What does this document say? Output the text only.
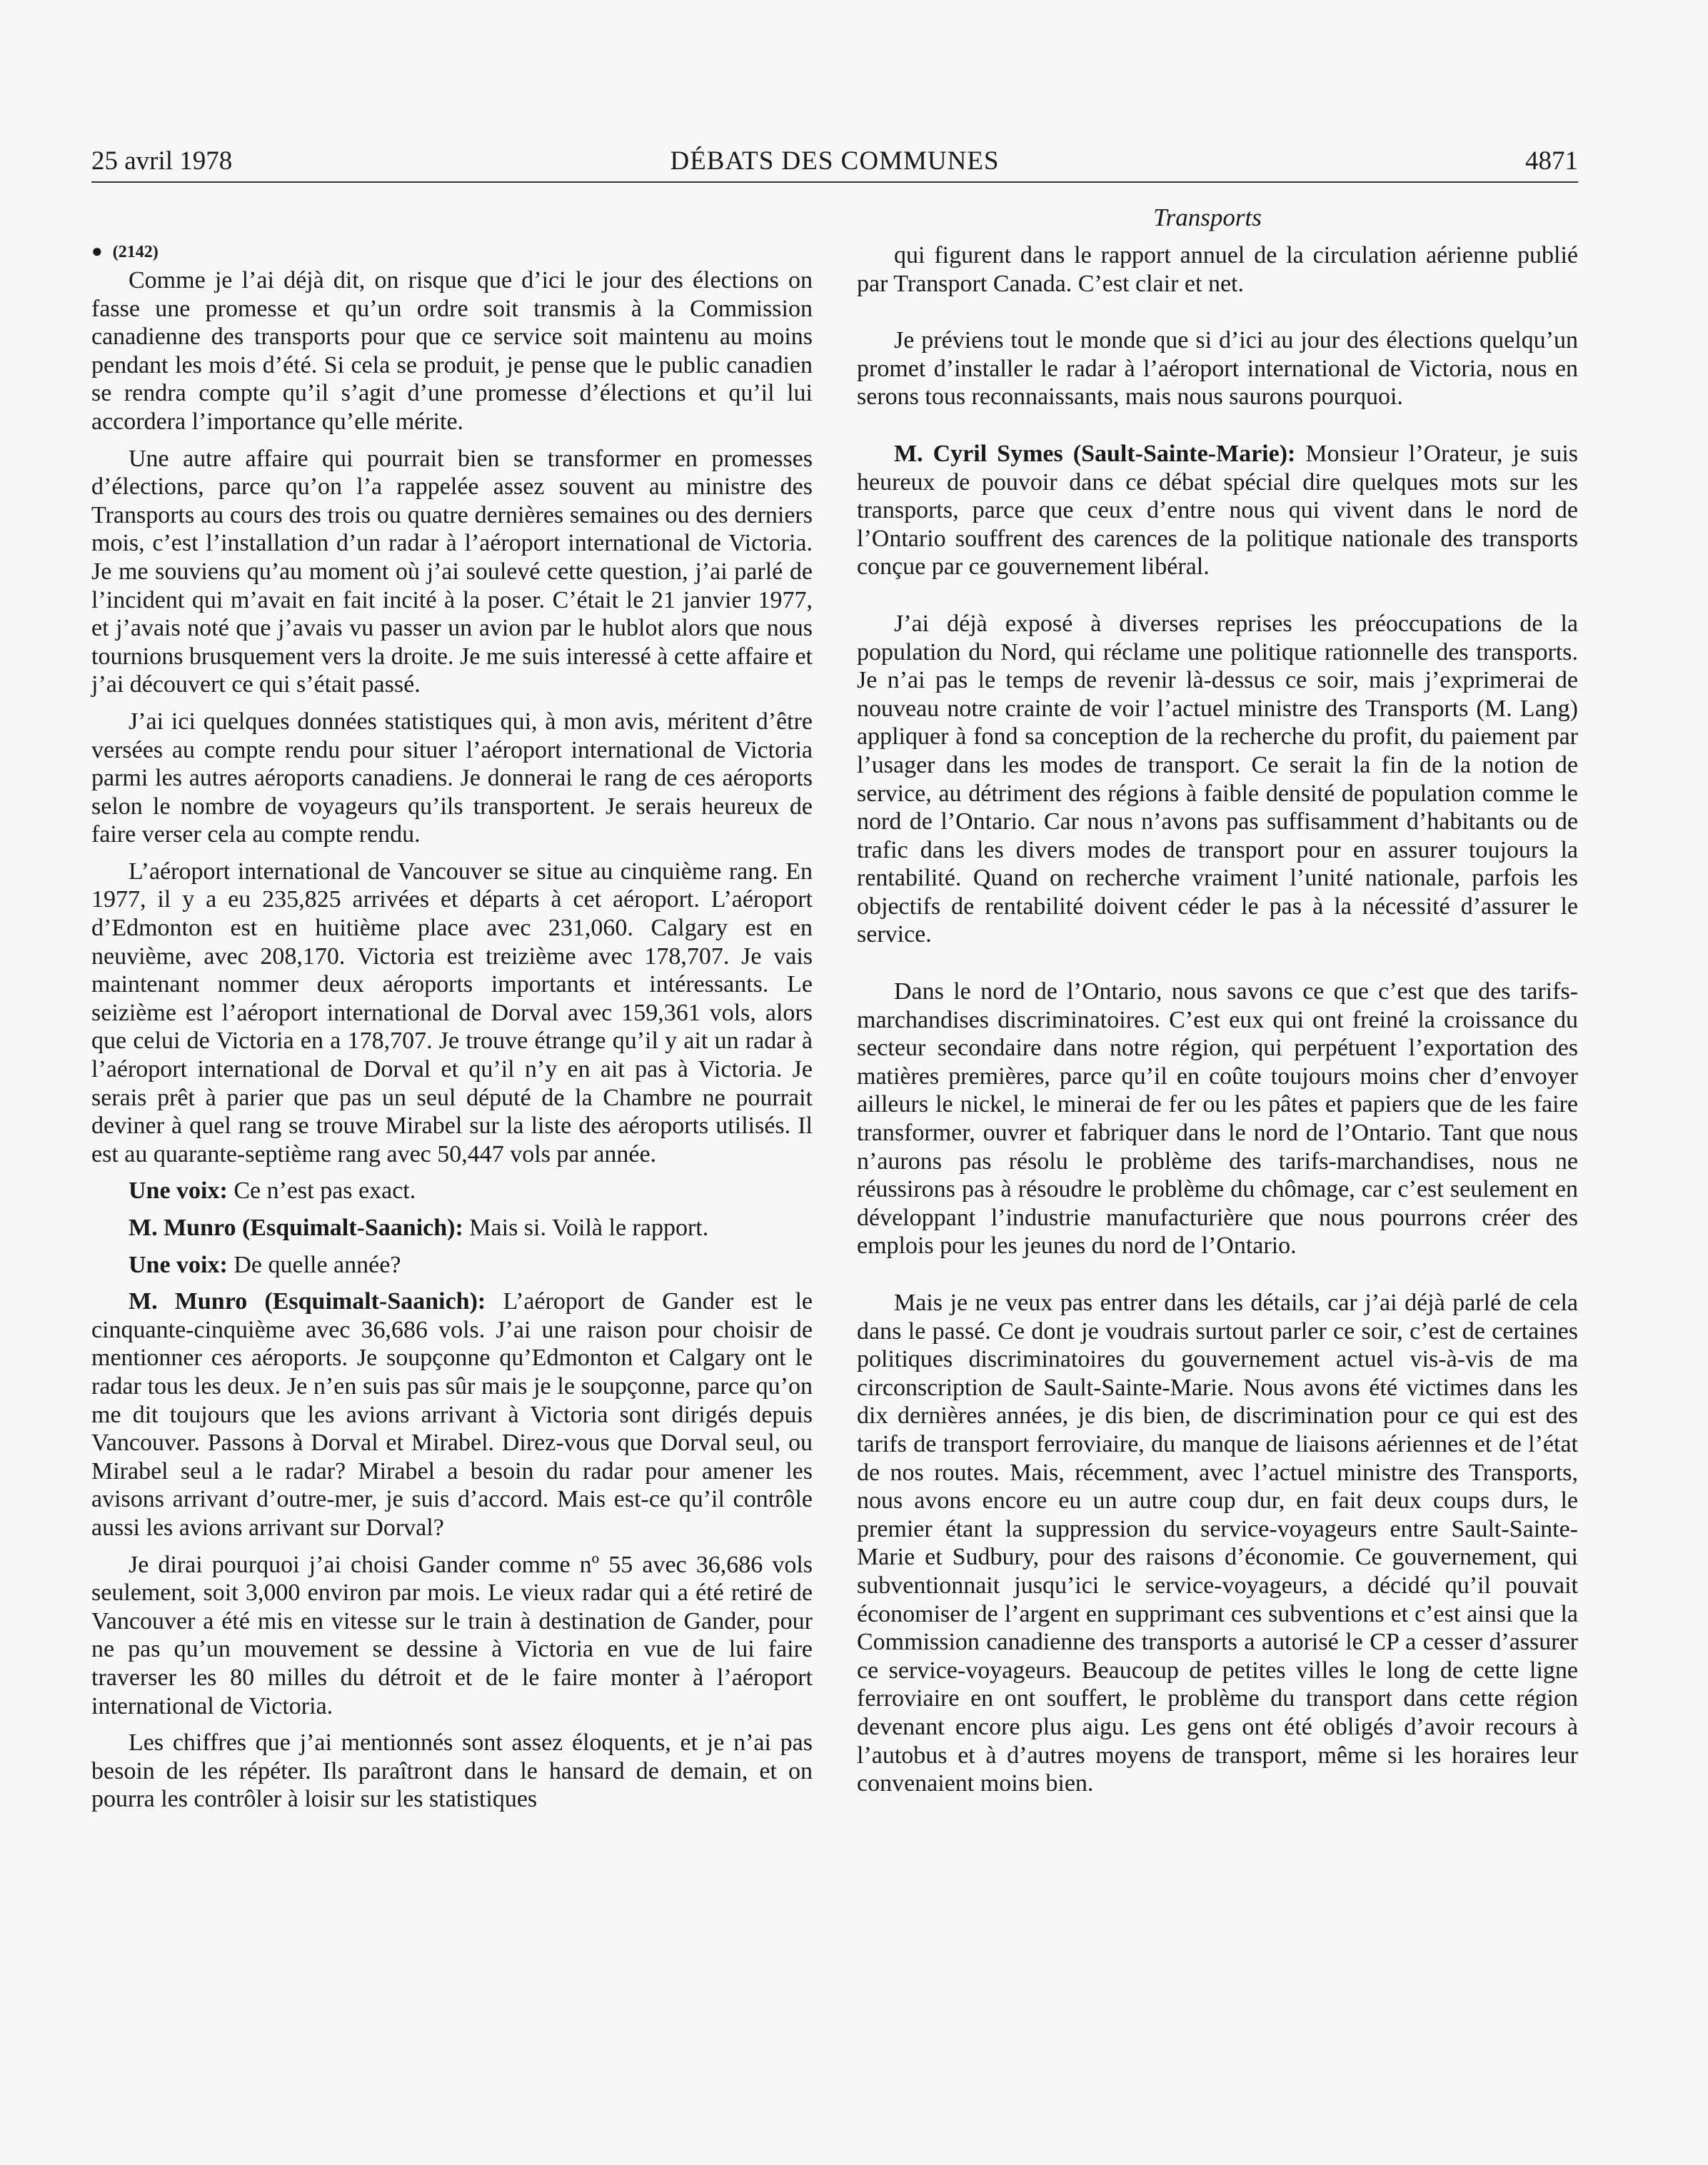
25 avril 1978	DÉBATS DES COMMUNES	4871
Transports
● (2142)

Comme je l’ai déjà dit, on risque que d’ici le jour des élections on fasse une promesse et qu’un ordre soit transmis à la Commission canadienne des transports pour que ce service soit maintenu au moins pendant les mois d’été. Si cela se produit, je pense que le public canadien se rendra compte qu’il s’agit d’une promesse d’élections et qu’il lui accordera l’importance qu’elle mérite.

Une autre affaire qui pourrait bien se transformer en promesses d’élections, parce qu’on l’a rappelée assez souvent au ministre des Transports au cours des trois ou quatre dernières semaines ou des derniers mois, c’est l’installation d’un radar à l’aéroport international de Victoria. Je me souviens qu’au moment où j’ai soulevé cette question, j’ai parlé de l’incident qui m’avait en fait incité à la poser. C’était le 21 janvier 1977, et j’avais noté que j’avais vu passer un avion par le hublot alors que nous tournions brusquement vers la droite. Je me suis interessé à cette affaire et j’ai découvert ce qui s’était passé.

J’ai ici quelques données statistiques qui, à mon avis, méritent d’être versées au compte rendu pour situer l’aéroport international de Victoria parmi les autres aéroports canadiens. Je donnerai le rang de ces aéroports selon le nombre de voyageurs qu’ils transportent. Je serais heureux de faire verser cela au compte rendu.

L’aéroport international de Vancouver se situe au cinquième rang. En 1977, il y a eu 235,825 arrivées et départs à cet aéroport. L’aéroport d’Edmonton est en huitième place avec 231,060. Calgary est en neuvième, avec 208,170. Victoria est treizième avec 178,707. Je vais maintenant nommer deux aéroports importants et intéressants. Le seizième est l’aéroport international de Dorval avec 159,361 vols, alors que celui de Victoria en a 178,707. Je trouve étrange qu’il y ait un radar à l’aéroport international de Dorval et qu’il n’y en ait pas à Victoria. Je serais prêt à parier que pas un seul député de la Chambre ne pourrait deviner à quel rang se trouve Mirabel sur la liste des aéroports utilisés. Il est au quarante-septième rang avec 50,447 vols par année.

Une voix: Ce n’est pas exact.

M. Munro (Esquimalt-Saanich): Mais si. Voilà le rapport.

Une voix: De quelle année?

M. Munro (Esquimalt-Saanich): L’aéroport de Gander est le cinquante-cinquième avec 36,686 vols. J’ai une raison pour choisir de mentionner ces aéroports. Je soupçonne qu’Edmonton et Calgary ont le radar tous les deux. Je n’en suis pas sûr mais je le soupçonne, parce qu’on me dit toujours que les avions arrivant à Victoria sont dirigés depuis Vancouver. Passons à Dorval et Mirabel. Direz-vous que Dorval seul, ou Mirabel seul a le radar? Mirabel a besoin du radar pour amener les avisons arrivant d’outre-mer, je suis d’accord. Mais est-ce qu’il contrôle aussi les avions arrivant sur Dorval?

Je dirai pourquoi j’ai choisi Gander comme nº 55 avec 36,686 vols seulement, soit 3,000 environ par mois. Le vieux radar qui a été retiré de Vancouver a été mis en vitesse sur le train à destination de Gander, pour ne pas qu’un mouvement se dessine à Victoria en vue de lui faire traverser les 80 milles du détroit et de le faire monter à l’aéroport international de Victoria.

Les chiffres que j’ai mentionnés sont assez éloquents, et je n’ai pas besoin de les répéter. Ils paraîtront dans le hansard de demain, et on pourra les contrôler à loisir sur les statistiques

qui figurent dans le rapport annuel de la circulation aérienne publié par Transport Canada. C’est clair et net.

Je préviens tout le monde que si d’ici au jour des élections quelqu’un promet d’installer le radar à l’aéroport international de Victoria, nous en serons tous reconnaissants, mais nous saurons pourquoi.

M. Cyril Symes (Sault-Sainte-Marie): Monsieur l’Orateur, je suis heureux de pouvoir dans ce débat spécial dire quelques mots sur les transports, parce que ceux d’entre nous qui vivent dans le nord de l’Ontario souffrent des carences de la politique nationale des transports conçue par ce gouvernement libéral.

J’ai déjà exposé à diverses reprises les préoccupations de la population du Nord, qui réclame une politique rationnelle des transports. Je n’ai pas le temps de revenir là-dessus ce soir, mais j’exprimerai de nouveau notre crainte de voir l’actuel ministre des Transports (M. Lang) appliquer à fond sa conception de la recherche du profit, du paiement par l’usager dans les modes de transport. Ce serait la fin de la notion de service, au détriment des régions à faible densité de population comme le nord de l’Ontario. Car nous n’avons pas suffisamment d’habitants ou de trafic dans les divers modes de transport pour en assurer toujours la rentabilité. Quand on recherche vraiment l’unité nationale, parfois les objectifs de rentabilité doivent céder le pas à la nécessité d’assurer le service.

Dans le nord de l’Ontario, nous savons ce que c’est que des tarifs-marchandises discriminatoires. C’est eux qui ont freiné la croissance du secteur secondaire dans notre région, qui perpétuent l’exportation des matières premières, parce qu’il en coûte toujours moins cher d’envoyer ailleurs le nickel, le minerai de fer ou les pâtes et papiers que de les faire transformer, ouvrer et fabriquer dans le nord de l’Ontario. Tant que nous n’aurons pas résolu le problème des tarifs-marchandises, nous ne réussirons pas à résoudre le problème du chômage, car c’est seulement en développant l’industrie manufacturière que nous pourrons créer des emplois pour les jeunes du nord de l’Ontario.

Mais je ne veux pas entrer dans les détails, car j’ai déjà parlé de cela dans le passé. Ce dont je voudrais surtout parler ce soir, c’est de certaines politiques discriminatoires du gouvernement actuel vis-à-vis de ma circonscription de Sault-Sainte-Marie. Nous avons été victimes dans les dix dernières années, je dis bien, de discrimination pour ce qui est des tarifs de transport ferroviaire, du manque de liaisons aériennes et de l’état de nos routes. Mais, récemment, avec l’actuel ministre des Transports, nous avons encore eu un autre coup dur, en fait deux coups durs, le premier étant la suppression du service-voyageurs entre Sault-Sainte-Marie et Sudbury, pour des raisons d’économie. Ce gouvernement, qui subventionnait jusqu’ici le service-voyageurs, a décidé qu’il pouvait économiser de l’argent en supprimant ces subventions et c’est ainsi que la Commission canadienne des transports a autorisé le CP a cesser d’assurer ce service-voyageurs. Beaucoup de petites villes le long de cette ligne ferroviaire en ont souffert, le problème du transport dans cette région devenant encore plus aigu. Les gens ont été obligés d’avoir recours à l’autobus et à d’autres moyens de transport, même si les horaires leur convenaient moins bien.
